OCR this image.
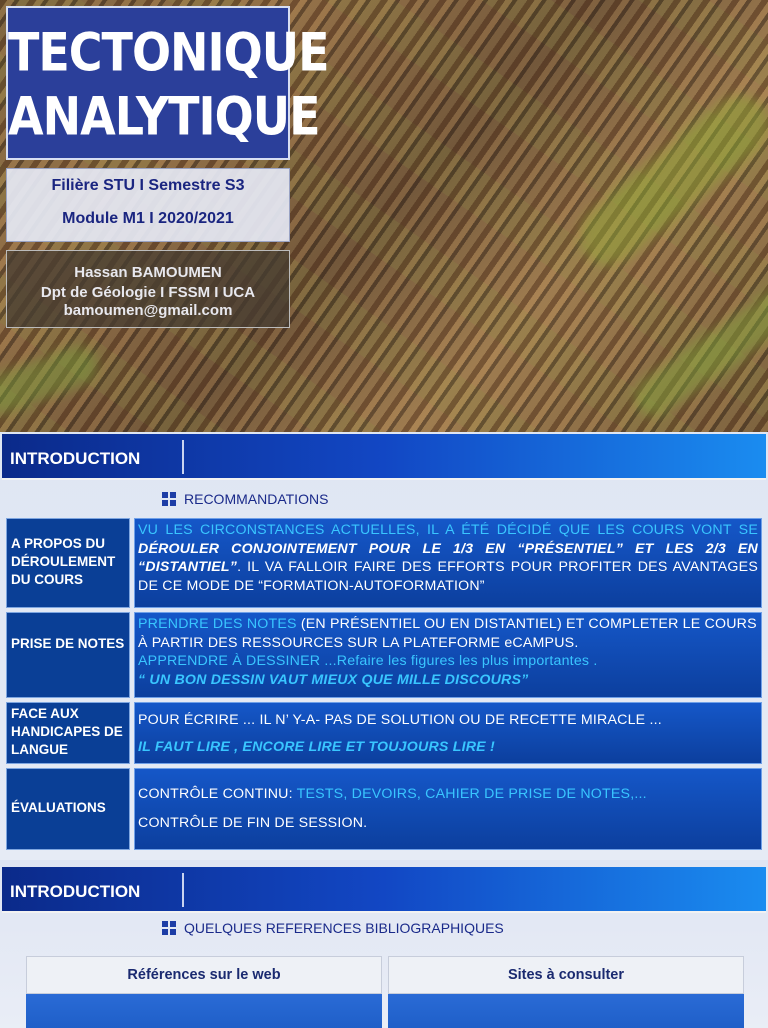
TECTONIQUE
ANALYTIQUE
Filière STU I Semestre S3
Module M1 I 2020/2021
Hassan BAMOUMEN
Dpt de Géologie I FSSM I UCA
bamoumen@gmail.com
INTRODUCTION
RECOMMANDATIONS
A PROPOS DU DÉROULEMENT DU COURS
VU LES CIRCONSTANCES ACTUELLES, IL A ÉTÉ DÉCIDÉ QUE LES COURS VONT SE DÉROULER CONJOINTEMENT POUR LE 1/3 EN “PRÉSENTIEL” ET LES 2/3 EN “DISTANTIEL”. IL VA FALLOIR FAIRE DES EFFORTS POUR PROFITER DES AVANTAGES DE CE MODE DE “FORMATION-AUTOFORMATION”
PRISE DE NOTES
PRENDRE DES NOTES (EN PRÉSENTIEL OU EN DISTANTIEL) ET COMPLETER LE COURS À PARTIR DES RESSOURCES SUR LA PLATEFORME eCAMPUS.
APPRENDRE À DESSINER ...Refaire les figures les plus importantes .
“ UN BON DESSIN VAUT MIEUX QUE MILLE DISCOURS”
FACE AUX HANDICAPES DE LANGUE
POUR ÉCRIRE ... IL N’ Y-A- PAS DE SOLUTION OU DE RECETTE MIRACLE ...
IL FAUT LIRE , ENCORE LIRE ET TOUJOURS LIRE !
ÉVALUATIONS
CONTRÔLE CONTINU: TESTS, DEVOIRS, CAHIER DE PRISE DE NOTES,...
CONTRÔLE DE FIN DE SESSION.
INTRODUCTION
QUELQUES REFERENCES BIBLIOGRAPHIQUES
Références sur le web	Sites à consulter
